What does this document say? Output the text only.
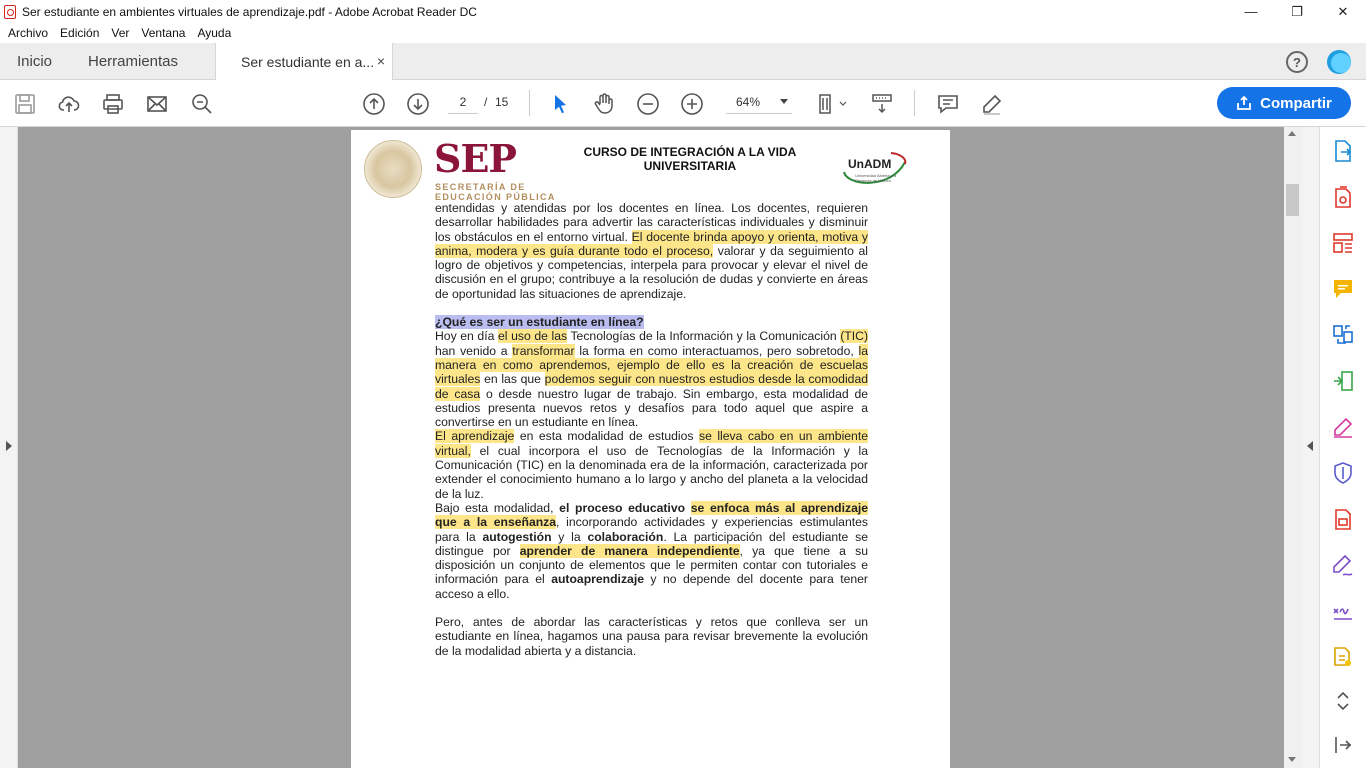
Ser estudiante en ambientes virtuales de aprendizaje.pdf - Adobe Acrobat Reader DC	—	❐	✕
Archivo	Edición	Ver	Ventana	Ayuda
Inicio Herramientas	Ser estudiante en a... ×	?
2
/ 15	64%	Compartir
SEP
SECRETARÍA DE
EDUCACIÓN PÚBLICA
CURSO DE INTEGRACIÓN A LA VIDA UNIVERSITARIA	UnADM
Universidad Abierta y a Distancia de México

entendidas y atendidas por los docentes en línea. Los docentes, requieren desarrollar habilidades para advertir las características individuales y disminuir los obstáculos en el entorno virtual. El docente brinda apoyo y orienta, motiva y anima, modera y es guía durante todo el proceso, valorar y da seguimiento al logro de objetivos y competencias, interpela para provocar y elevar el nivel de discusión en el grupo; contribuye a la resolución de dudas y convierte en áreas de oportunidad las situaciones de aprendizaje.

¿Qué es ser un estudiante en línea?

Hoy en día el uso de las Tecnologías de la Información y la Comunicación (TIC) han venido a transformar la forma en como interactuamos, pero sobretodo, la manera en como aprendemos, ejemplo de ello es la creación de escuelas virtuales en las que podemos seguir con nuestros estudios desde la comodidad de casa o desde nuestro lugar de trabajo. Sin embargo, esta modalidad de estudios presenta nuevos retos y desafíos para todo aquel que aspire a convertirse en un estudiante en línea.

El aprendizaje en esta modalidad de estudios se lleva cabo en un ambiente virtual, el cual incorpora el uso de Tecnologías de la Información y la Comunicación (TIC) en la denominada era de la información, caracterizada por extender el conocimiento humano a lo largo y ancho del planeta a la velocidad de la luz.

Bajo esta modalidad, el proceso educativo se enfoca más al aprendizaje que a la enseñanza, incorporando actividades y experiencias estimulantes para la autogestión y la colaboración. La participación del estudiante se distingue por aprender de manera independiente, ya que tiene a su disposición un conjunto de elementos que le permiten contar con tutoriales e información para el autoaprendizaje y no depende del docente para tener acceso a ello.

Pero, antes de abordar las características y retos que conlleva ser un estudiante en línea, hagamos una pausa para revisar brevemente la evolución de la modalidad abierta y a distancia.
